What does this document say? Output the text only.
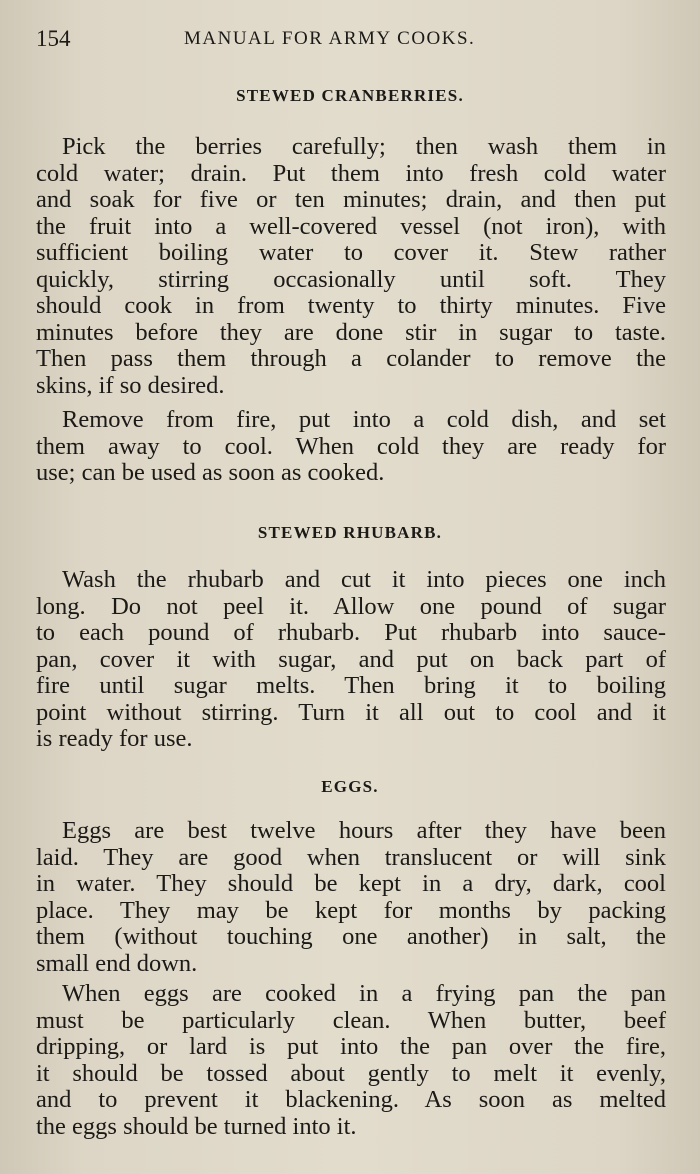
154	MANUAL FOR ARMY COOKS.
STEWED CRANBERRIES.
Pick the berries carefully; then wash them in
cold water; drain. Put them into fresh cold water
and soak for five or ten minutes; drain, and then put
the fruit into a well-covered vessel (not iron), with
sufficient boiling water to cover it. Stew rather
quickly, stirring occasionally until soft. They
should cook in from twenty to thirty minutes. Five
minutes before they are done stir in sugar to taste.
Then pass them through a colander to remove the
skins, if so desired.
Remove from fire, put into a cold dish, and set
them away to cool. When cold they are ready for
use; can be used as soon as cooked.
STEWED RHUBARB.
Wash the rhubarb and cut it into pieces one inch
long. Do not peel it. Allow one pound of sugar
to each pound of rhubarb. Put rhubarb into sauce-
pan, cover it with sugar, and put on back part of
fire until sugar melts. Then bring it to boiling
point without stirring. Turn it all out to cool and it
is ready for use.
EGGS.
Eggs are best twelve hours after they have been
laid. They are good when translucent or will sink
in water. They should be kept in a dry, dark, cool
place. They may be kept for months by packing
them (without touching one another) in salt, the
small end down.
When eggs are cooked in a frying pan the pan
must be particularly clean. When butter, beef
dripping, or lard is put into the pan over the fire,
it should be tossed about gently to melt it evenly,
and to prevent it blackening. As soon as melted
the eggs should be turned into it.
